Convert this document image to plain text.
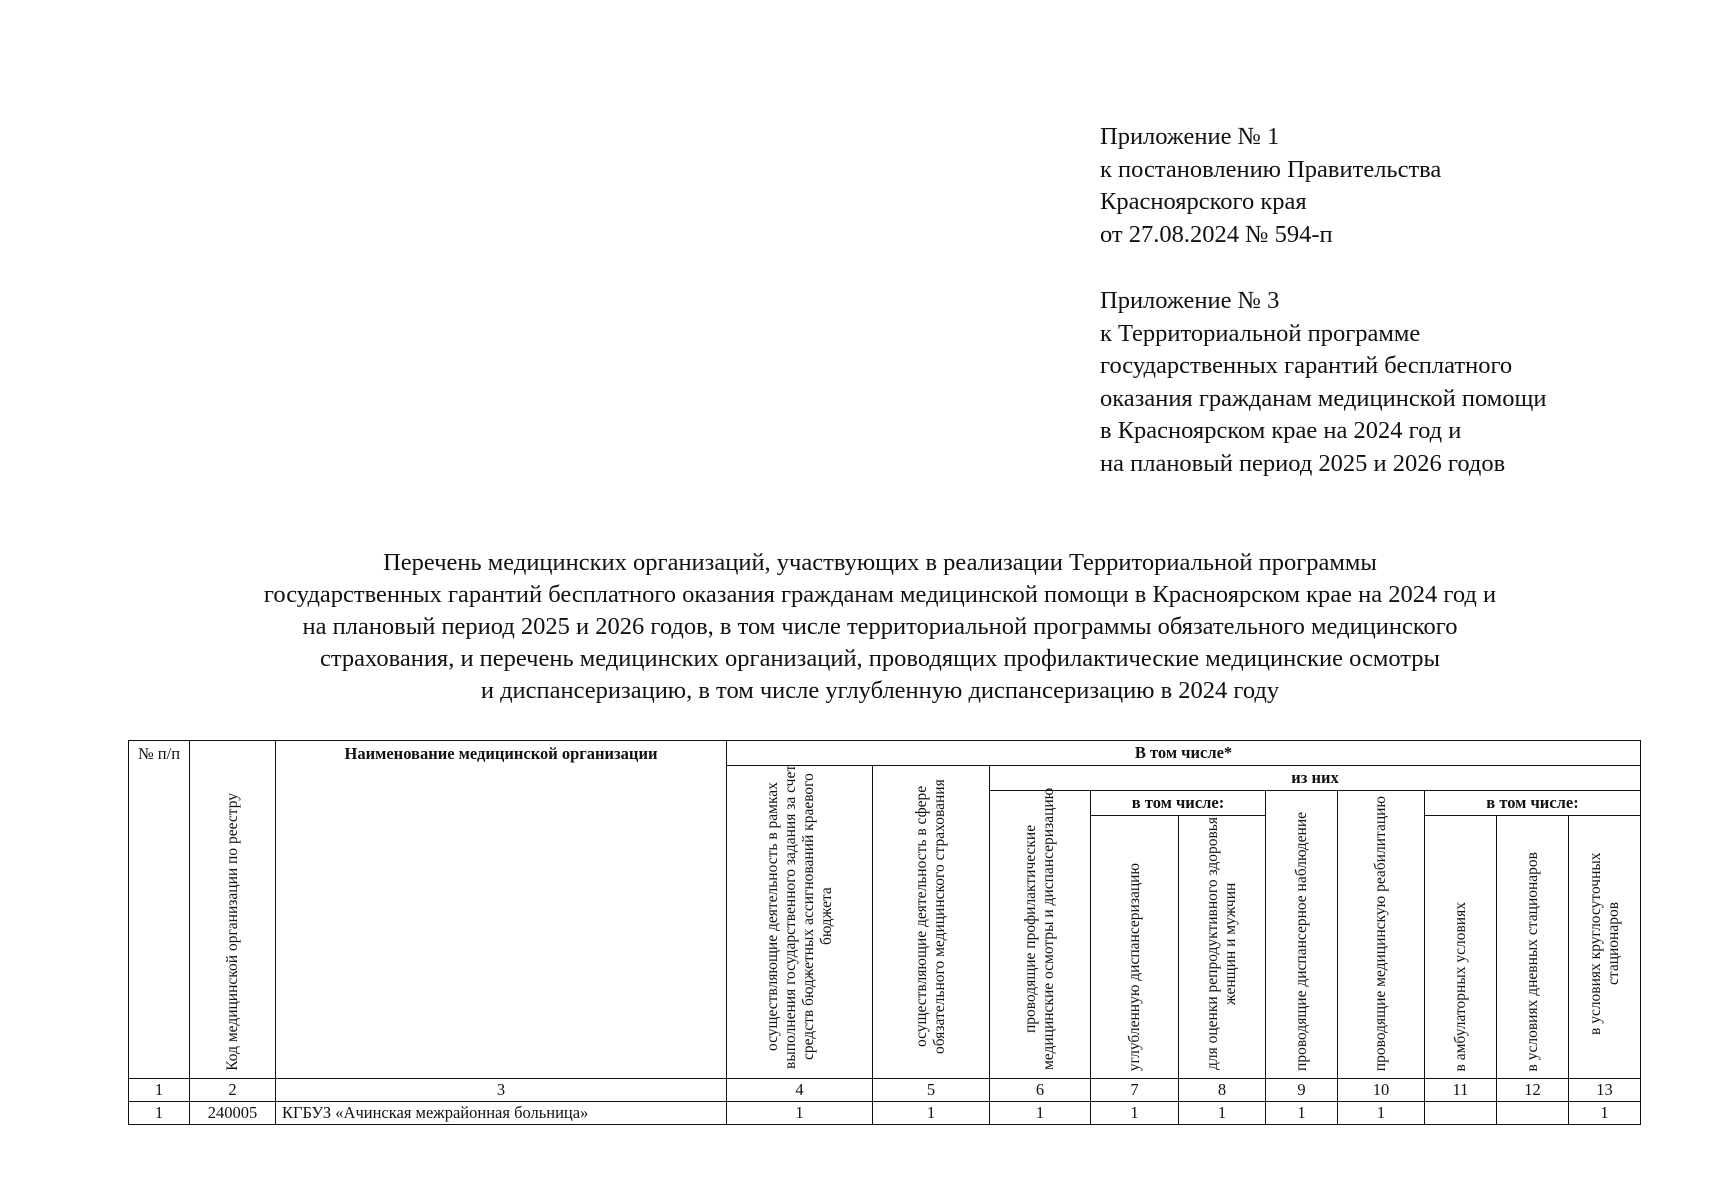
Приложение № 1
к постановлению Правительства
Красноярского края
от 27.08.2024 № 594-п
Приложение № 3
к Территориальной программе
государственных гарантий бесплатного
оказания гражданам медицинской помощи
в Красноярском крае на 2024 год и
на плановый период 2025 и 2026 годов
Перечень медицинских организаций, участвующих в реализации Территориальной программы
государственных гарантий бесплатного оказания гражданам медицинской помощи в Красноярском крае на 2024 год и
на плановый период 2025 и 2026 годов, в том числе территориальной программы обязательного медицинского
страхования, и перечень медицинских организаций, проводящих профилактические медицинские осмотры
и диспансеризацию, в том числе углубленную диспансеризацию в 2024 году
№ п/п	Код медицинской организации по реестру	Наименование медицинской организации	В том числе*									
			осуществляющие деятельность в рамках выполнения государственного задания за счет средств бюджетных ассигнований краевого бюджета	осуществляющие деятельность в сфере обязательного медицинского страхования	из них							
					проводящие профилактические медицинские осмотры и диспансеризацию	в том числе:		проводящие диспансерное наблюдение	проводящие медицинскую реабилитацию	в том числе:		
						углубленную диспансеризацию	для оценки репродуктивного здоровья женщин и мужчин			в амбулаторных условиях	в условиях дневных стационаров	в условиях круглосуточных стационаров
1	2	3	4	5	6	7	8	9	10	11	12	13
1	240005	КГБУЗ «Ачинская межрайонная больница»	1	1	1	1	1	1	1			1
